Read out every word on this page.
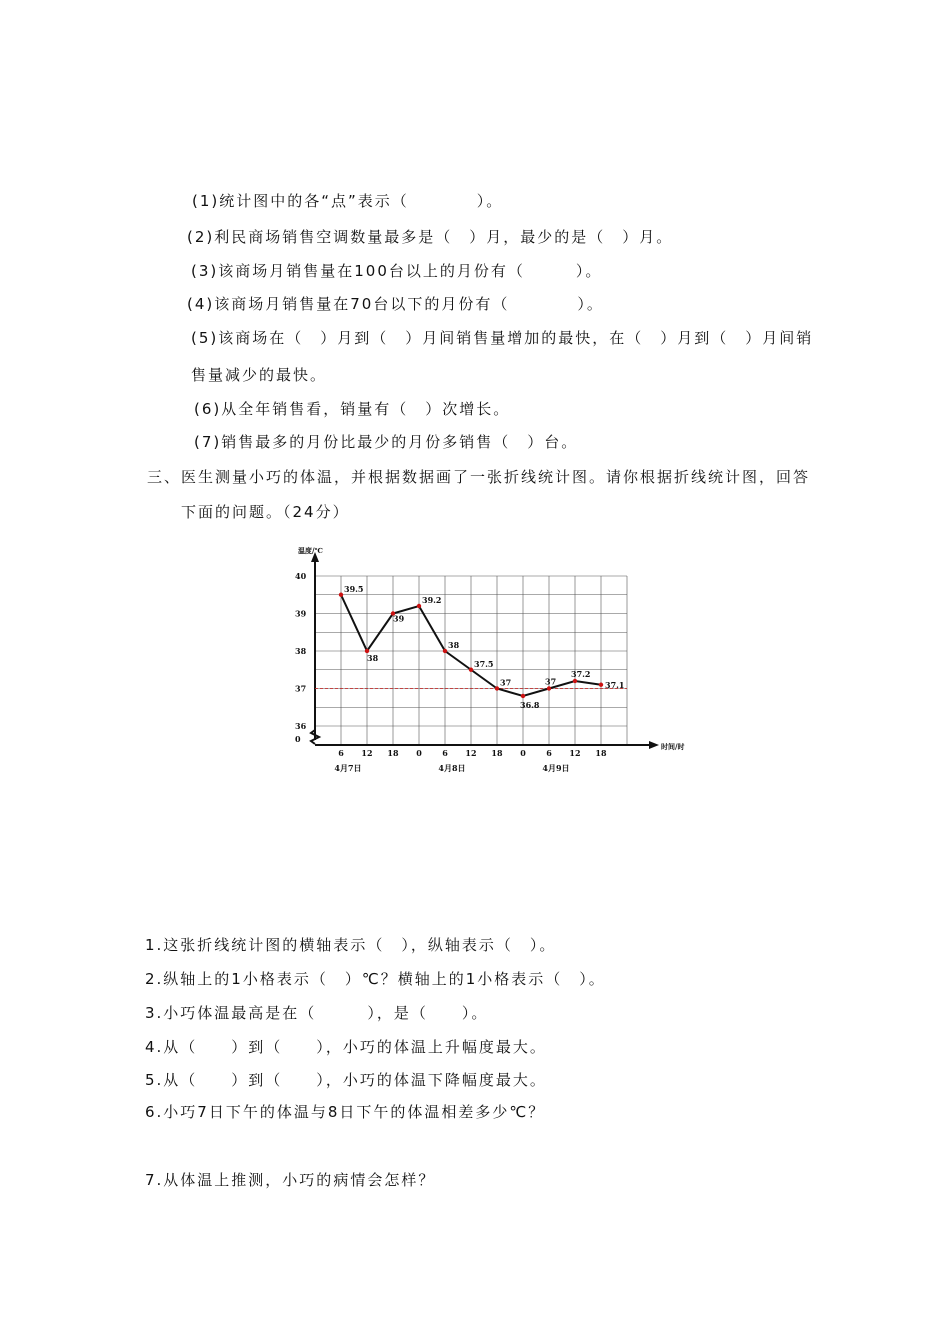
(1)统计图中的各“点”表示（　　　　）。
(2)利民商场销售空调数量最多是（　）月，最少的是（　）月。
(3)该商场月销售量在100台以上的月份有（　　　）。
(4)该商场月销售量在70台以下的月份有（　　　　）。
(5)该商场在（　）月到（　）月间销售量增加的最快，在（　）月到（　）月间销
售量减少的最快。
(6)从全年销售看，销量有（　）次增长。
(7)销售最多的月份比最少的月份多销售（　）台。
三、医生测量小巧的体温，并根据数据画了一张折线统计图。请你根据折线统计图，回答
下面的问题。（24分）
温度/℃
时间/时
40
39
38
37
36
0
6 12 18 0	6 12 18 0	6 12 18
4月7日	4月8日	4月9日
39.5
38
39
39.2
38
37.5
37
36.8
37
37.2
37.1
1.这张折线统计图的横轴表示（　），纵轴表示（　）。
2.纵轴上的1小格表示（　）℃？横轴上的1小格表示（　）。
3.小巧体温最高是在（　　　），是（　　）。
4.从（　　）到（　　），小巧的体温上升幅度最大。
5.从（　　）到（　　），小巧的体温下降幅度最大。
6.小巧7日下午的体温与8日下午的体温相差多少℃？
7.从体温上推测，小巧的病情会怎样？
